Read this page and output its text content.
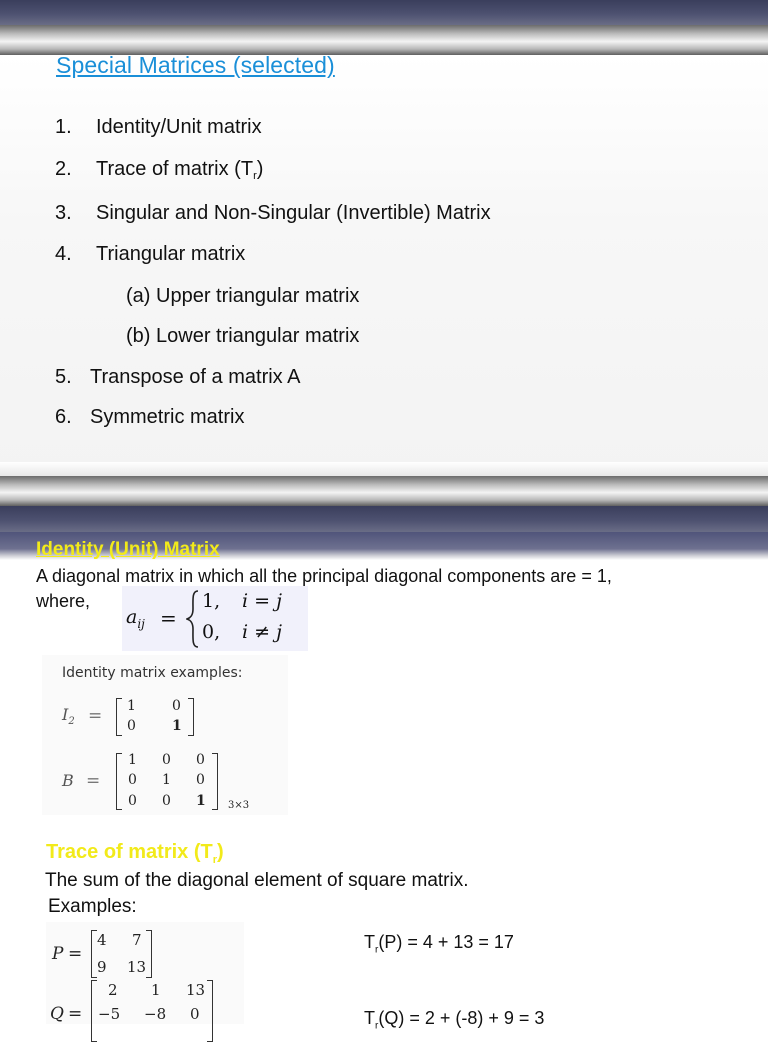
Special Matrices (selected)
1. Identity/Unit matrix
2. Trace of matrix $(T_r)$
3. Singular and Non-Singular (Invertible) Matrix
4. Triangular matrix
(a) Upper triangular matrix
(b) Lower triangular matrix
5. Transpose of a matrix A
6. Symmetric matrix
Identity (Unit) Matrix
A diagonal matrix in which all the principal diagonal components are = 1,
where,
$a_{ij}$ =
1, i = j
0, i ≠ j
Identity matrix examples:
$I_2 = 1$	0
0	1
B =
1 0 0
0 1 0
0 0 1 3×3
Trace of matrix $(T_r)$
The sum of the diagonal element of square matrix.
Examples:
P =
4 7
9 13
Q =
2 1 13
−5 −8 0
$T_r(P) = 4 + 13 = 17$
$T_r(Q) = 2 + (-8) + 9 = 3$
